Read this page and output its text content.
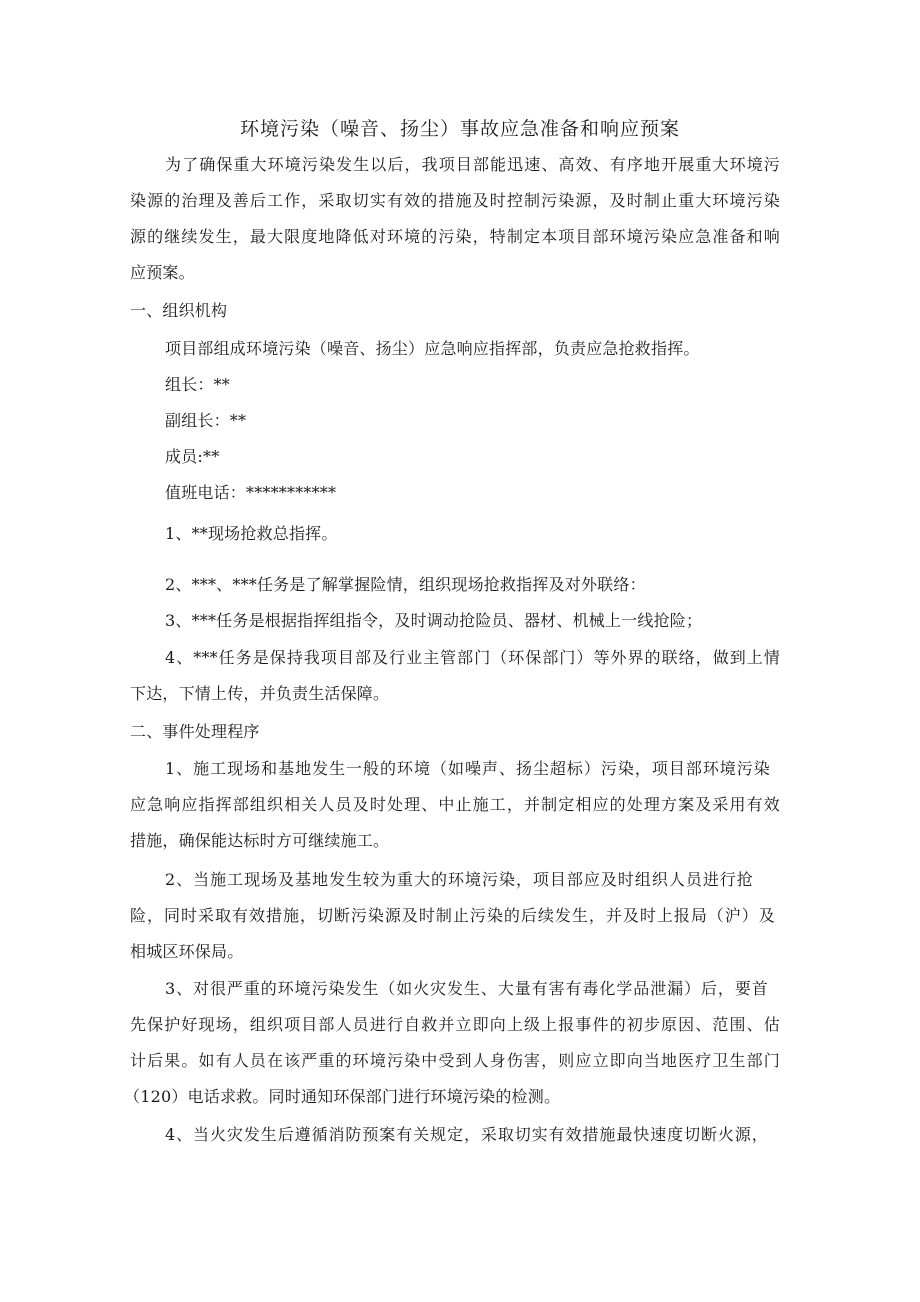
环境污染（噪音、扬尘）事故应急准备和响应预案
为了确保重大环境污染发生以后，我项目部能迅速、高效、有序地开展重大环境污
染源的治理及善后工作，采取切实有效的措施及时控制污染源，及时制止重大环境污染
源的继续发生，最大限度地降低对环境的污染，特制定本项目部环境污染应急准备和响
应预案。
一、组织机构
项目部组成环境污染（噪音、扬尘）应急响应指挥部，负责应急抢救指挥。
组长：**
副组长：**
成员:**
值班电话：***********
1、**现场抢救总指挥。
2、***、***任务是了解掌握险情，组织现场抢救指挥及对外联络：
3、***任务是根据指挥组指令，及时调动抢险员、器材、机械上一线抢险；
4、***任务是保持我项目部及行业主管部门（环保部门）等外界的联络，做到上情
下达，下情上传，并负责生活保障。
二、事件处理程序
1、施工现场和基地发生一般的环境（如噪声、扬尘超标）污染，项目部环境污染
应急响应指挥部组织相关人员及时处理、中止施工，并制定相应的处理方案及采用有效
措施，确保能达标时方可继续施工。
2、当施工现场及基地发生较为重大的环境污染，项目部应及时组织人员进行抢
险，同时采取有效措施，切断污染源及时制止污染的后续发生，并及时上报局（沪）及
相城区环保局。
3、对很严重的环境污染发生（如火灾发生、大量有害有毒化学品泄漏）后，要首
先保护好现场，组织项目部人员进行自救并立即向上级上报事件的初步原因、范围、估
计后果。如有人员在该严重的环境污染中受到人身伤害，则应立即向当地医疗卫生部门
（120）电话求救。同时通知环保部门进行环境污染的检测。
4、当火灾发生后遵循消防预案有关规定，采取切实有效措施最快速度切断火源，
